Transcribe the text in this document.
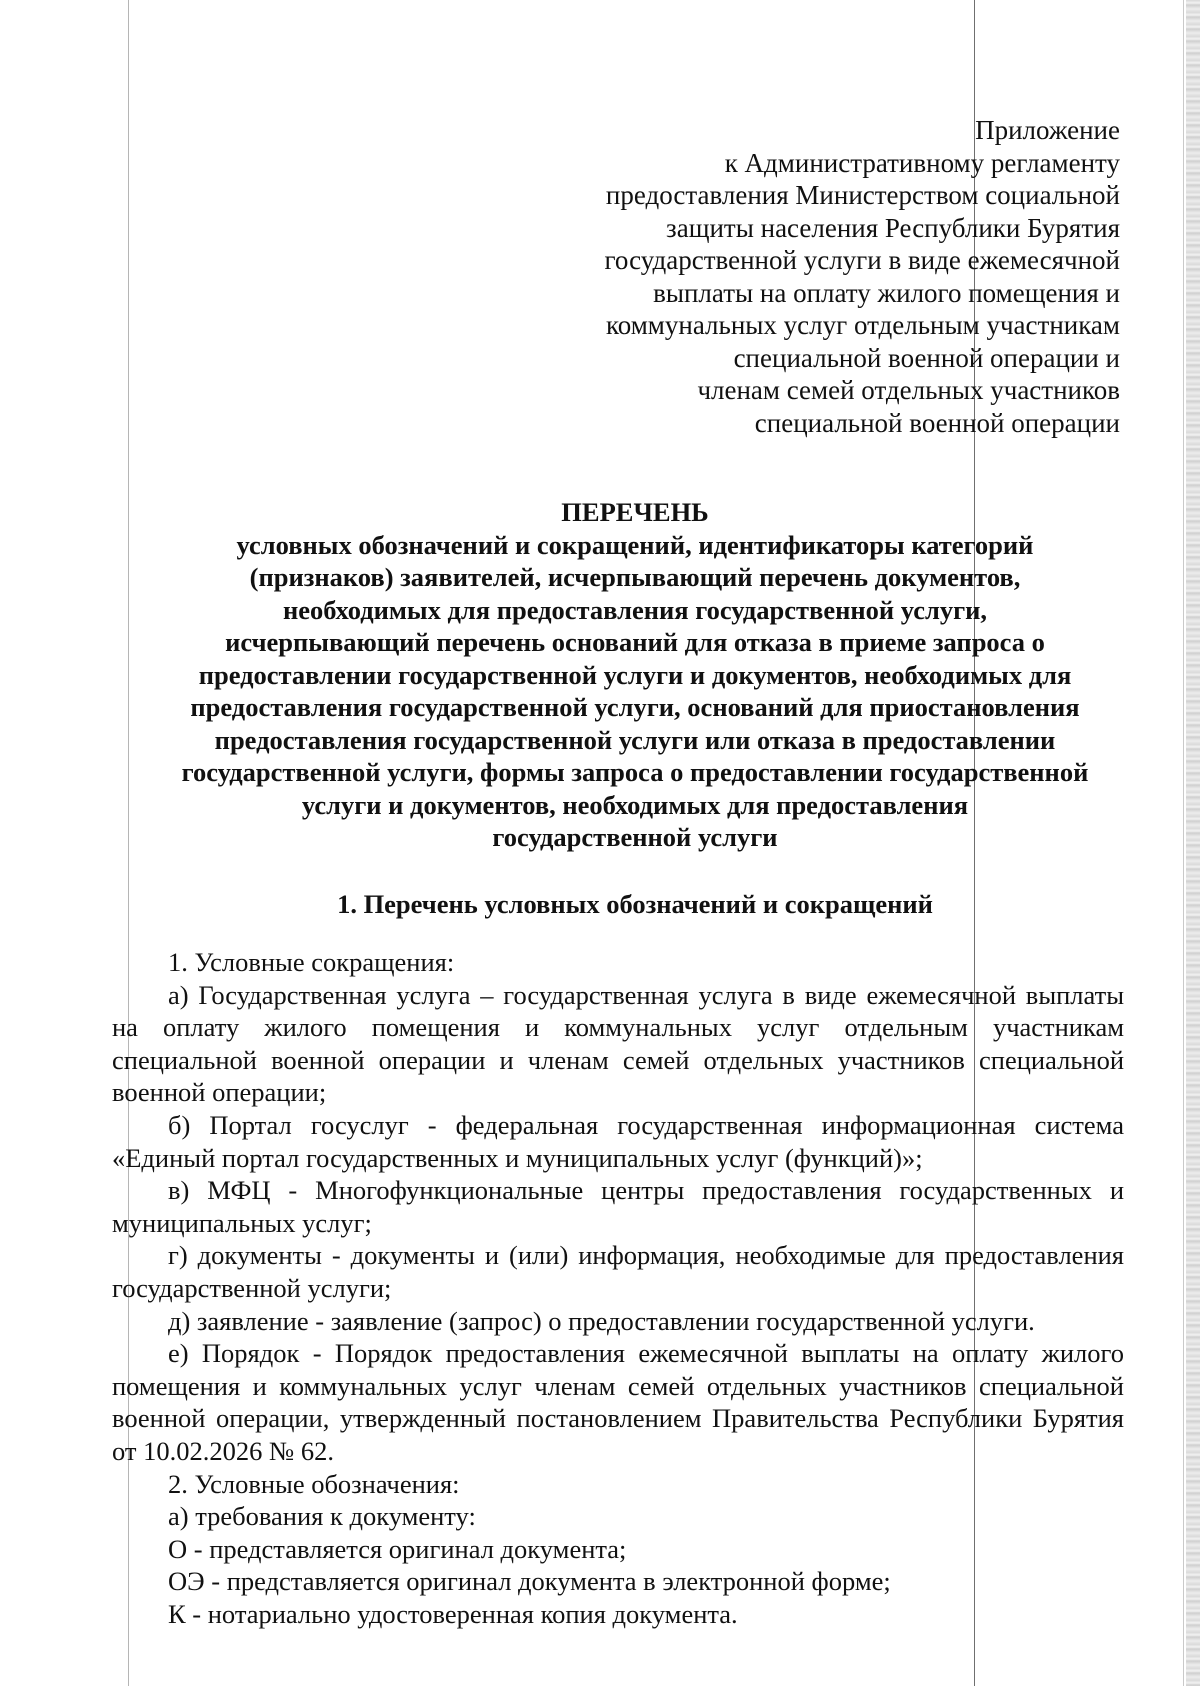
Приложение
к Административному регламенту
предоставления Министерством социальной
защиты населения Республики Бурятия
государственной услуги в виде ежемесячной
выплаты на оплату жилого помещения и
коммунальных услуг отдельным участникам
специальной военной операции и
членам семей отдельных участников
специальной военной операции
ПЕРЕЧЕНЬ
условных обозначений и сокращений, идентификаторы категорий
(признаков) заявителей, исчерпывающий перечень документов,
необходимых для предоставления государственной услуги,
исчерпывающий перечень оснований для отказа в приеме запроса о
предоставлении государственной услуги и документов, необходимых для
предоставления государственной услуги, оснований для приостановления
предоставления государственной услуги или отказа в предоставлении
государственной услуги, формы запроса о предоставлении государственной
услуги и документов, необходимых для предоставления
государственной услуги
1. Перечень условных обозначений и сокращений

1. Условные сокращения:

а) Государственная услуга – государственная услуга в виде ежемесячной выплаты на оплату жилого помещения и коммунальных услуг отдельным участникам специальной военной операции и членам семей отдельных участников специальной военной операции;

б) Портал госуслуг - федеральная государственная информационная система «Единый портал государственных и муниципальных услуг (функций)»;

в) МФЦ - Многофункциональные центры предоставления государственных и муниципальных услуг;

г) документы - документы и (или) информация, необходимые для предоставления государственной услуги;

д) заявление - заявление (запрос) о предоставлении государственной услуги.

е) Порядок - Порядок предоставления ежемесячной выплаты на оплату жилого помещения и коммунальных услуг членам семей отдельных участников специальной военной операции, утвержденный постановлением Правительства Республики Бурятия от 10.02.2026 № 62.

2. Условные обозначения:

а) требования к документу:

О - представляется оригинал документа;

ОЭ - представляется оригинал документа в электронной форме;

К - нотариально удостоверенная копия документа.
